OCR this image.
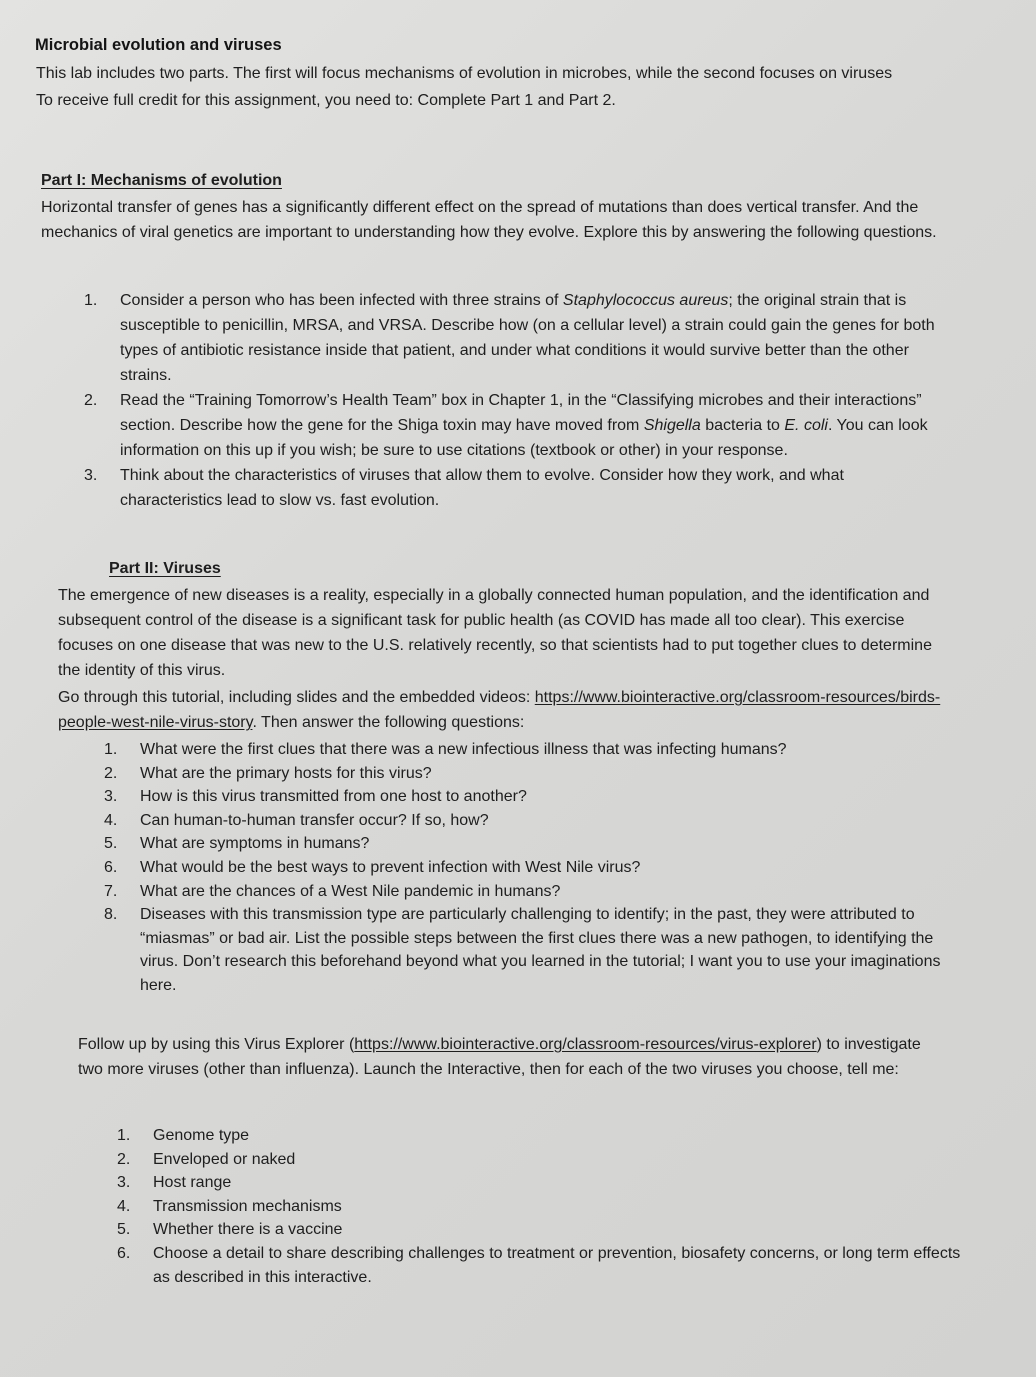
Microbial evolution and viruses

This lab includes two parts. The first will focus mechanisms of evolution in microbes, while the second focuses on viruses

To receive full credit for this assignment, you need to: Complete Part 1 and Part 2.

Part I: Mechanisms of evolution

Horizontal transfer of genes has a significantly different effect on the spread of mutations than does vertical transfer. And the mechanics of viral genetics are important to understanding how they evolve. Explore this by answering the following questions.

1. Consider a person who has been infected with three strains of Staphylococcus aureus; the original strain that is susceptible to penicillin, MRSA, and VRSA. Describe how (on a cellular level) a strain could gain the genes for both types of antibiotic resistance inside that patient, and under what conditions it would survive better than the other strains.
2. Read the “Training Tomorrow’s Health Team” box in Chapter 1, in the “Classifying microbes and their interactions” section. Describe how the gene for the Shiga toxin may have moved from Shigella bacteria to E. coli. You can look information on this up if you wish; be sure to use citations (textbook or other) in your response.
3. Think about the characteristics of viruses that allow them to evolve. Consider how they work, and what characteristics lead to slow vs. fast evolution.

Part II: Viruses

The emergence of new diseases is a reality, especially in a globally connected human population, and the identification and subsequent control of the disease is a significant task for public health (as COVID has made all too clear). This exercise focuses on one disease that was new to the U.S. relatively recently, so that scientists had to put together clues to determine the identity of this virus.

Go through this tutorial, including slides and the embedded videos: https://www.biointeractive.org/classroom-resources/birds-people-west-nile-virus-story. Then answer the following questions:

1. What were the first clues that there was a new infectious illness that was infecting humans?
2. What are the primary hosts for this virus?
3. How is this virus transmitted from one host to another?
4. Can human-to-human transfer occur? If so, how?
5. What are symptoms in humans?
6. What would be the best ways to prevent infection with West Nile virus?
7. What are the chances of a West Nile pandemic in humans?
8. Diseases with this transmission type are particularly challenging to identify; in the past, they were attributed to “miasmas” or bad air. List the possible steps between the first clues there was a new pathogen, to identifying the virus. Don’t research this beforehand beyond what you learned in the tutorial; I want you to use your imaginations here.

Follow up by using this Virus Explorer (https://www.biointeractive.org/classroom-resources/virus-explorer) to investigate two more viruses (other than influenza). Launch the Interactive, then for each of the two viruses you choose, tell me:

1. Genome type
2. Enveloped or naked
3. Host range
4. Transmission mechanisms
5. Whether there is a vaccine
6. Choose a detail to share describing challenges to treatment or prevention, biosafety concerns, or long term effects as described in this interactive.
